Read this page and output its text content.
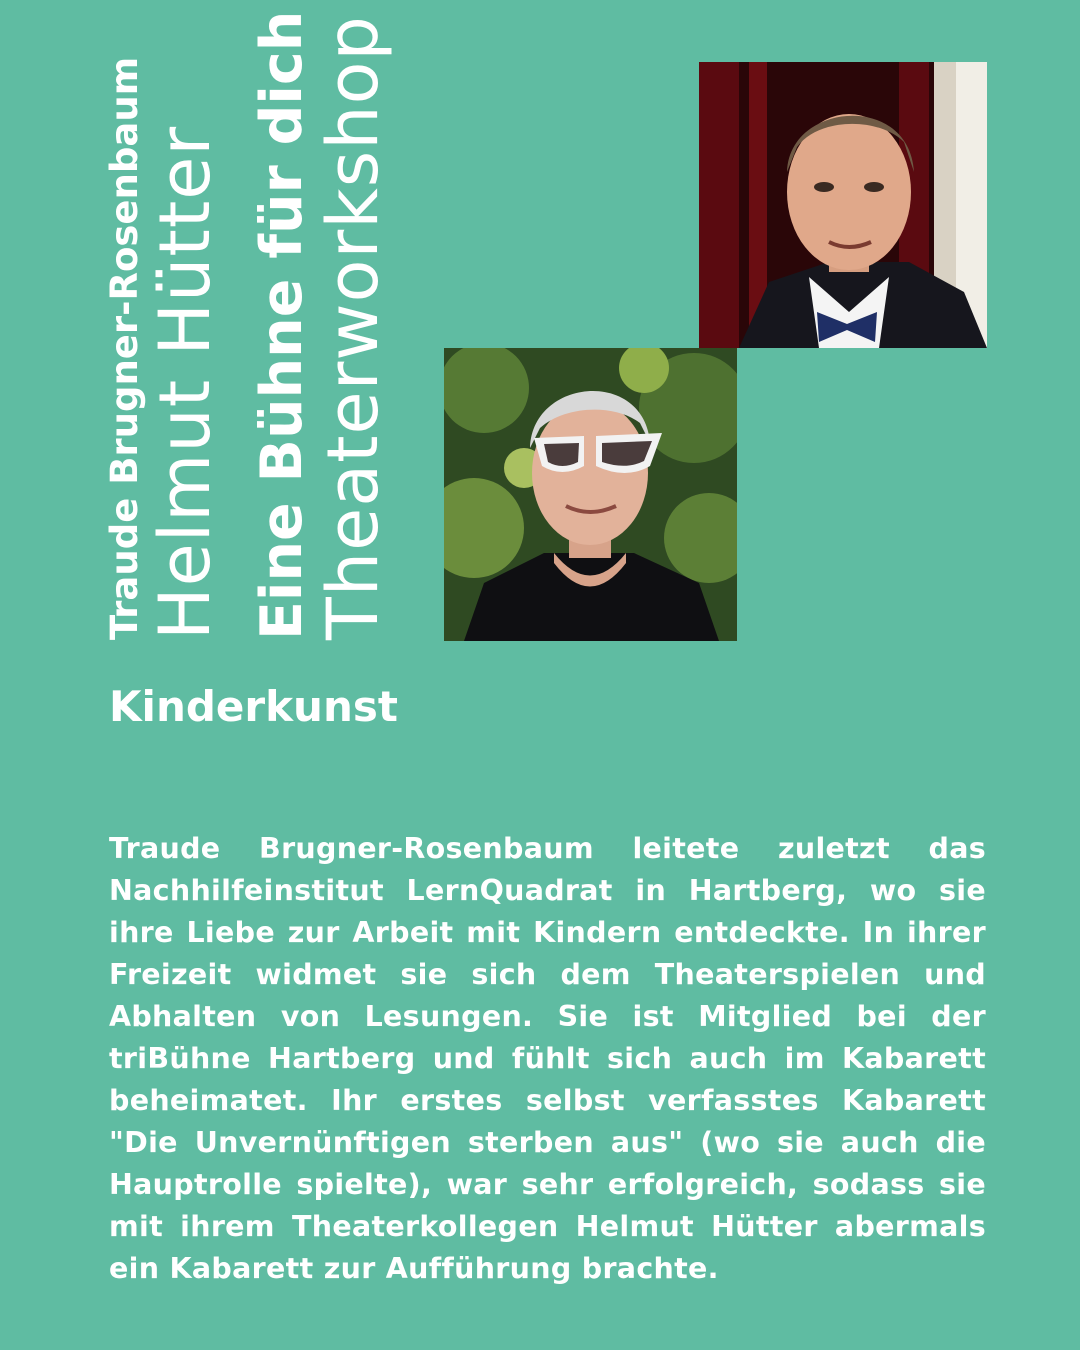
Traude Brugner-Rosenbaum
Helmut Hütter Eine Bühne für dich
Theaterworkshop
Kinderkunst

Traude Brugner-Rosenbaum leitete zuletzt das Nachhilfeinstitut LernQuadrat in Hartberg, wo sie ihre Liebe zur Arbeit mit Kindern entdeckte. In ihrer Freizeit widmet sie sich dem Theaterspielen und Abhalten von Lesungen. Sie ist Mitglied bei der triBühne Hartberg und fühlt sich auch im Kabarett beheimatet. Ihr erstes selbst verfasstes Kabarett "Die Unvernünftigen sterben aus" (wo sie auch die Hauptrolle spielte), war sehr erfolgreich, sodass sie mit ihrem Theaterkollegen Helmut Hütter abermals ein Kabarett zur Aufführung brachte.
